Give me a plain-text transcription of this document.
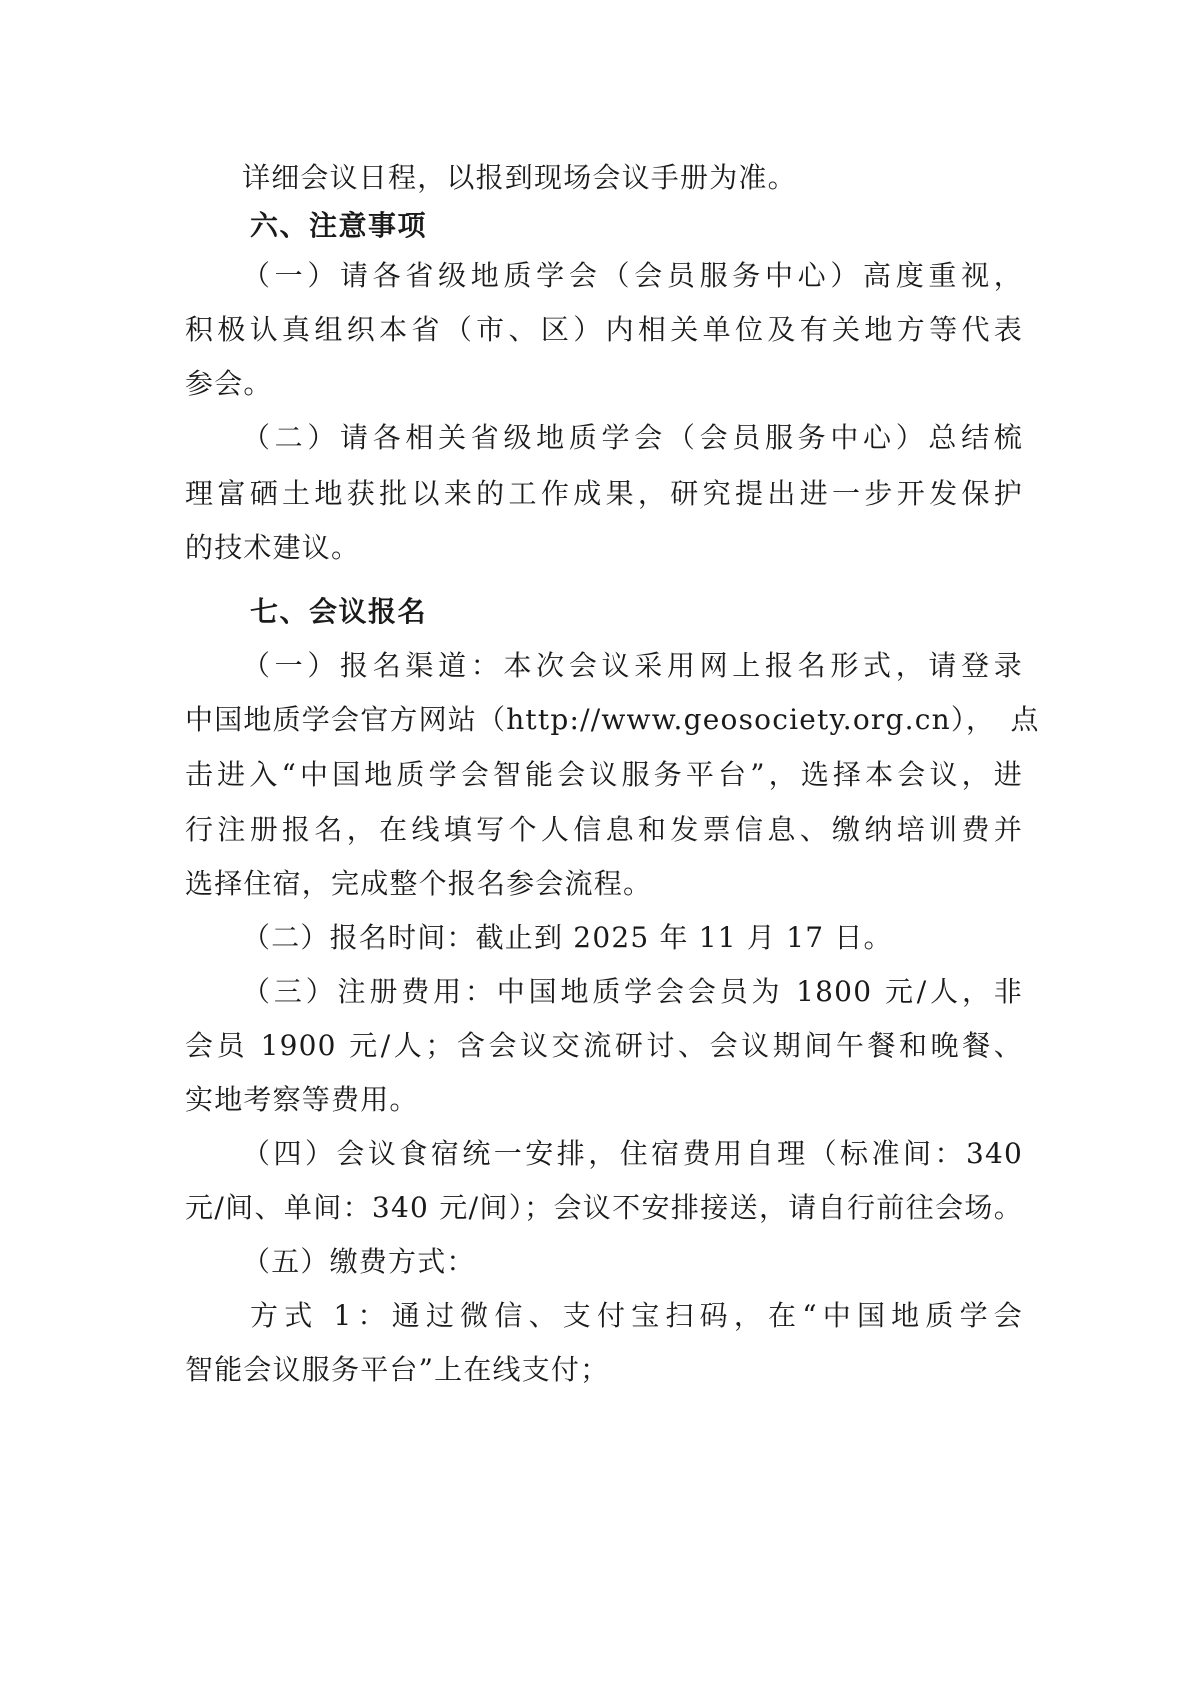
详细会议日程，以报到现场会议手册为准。
六、注意事项
（一）请各省级地质学会（会员服务中心）高度重视，
积极认真组织本省（市、区）内相关单位及有关地方等代表
参会。
（二）请各相关省级地质学会（会员服务中心）总结梳
理富硒土地获批以来的工作成果，研究提出进一步开发保护
的技术建议。
七、会议报名
（一）报名渠道：本次会议采用网上报名形式，请登录
中国地质学会官方网站（http://www.geosociety.org.cn），　点
击进入“中国地质学会智能会议服务平台”，选择本会议，进
行注册报名，在线填写个人信息和发票信息、缴纳培训费并
选择住宿，完成整个报名参会流程。
（二）报名时间：截止到 2025 年 11 月 17 日。
（三）注册费用：中国地质学会会员为 1800 元/人，非
会员 1900 元/人；含会议交流研讨、会议期间午餐和晚餐、
实地考察等费用。
（四）会议食宿统一安排，住宿费用自理（标准间：340
元/间、单间：340 元/间）；会议不安排接送，请自行前往会场。
（五）缴费方式：
方式 1：通过微信、支付宝扫码，在“中国地质学会
智能会议服务平台”上在线支付；
